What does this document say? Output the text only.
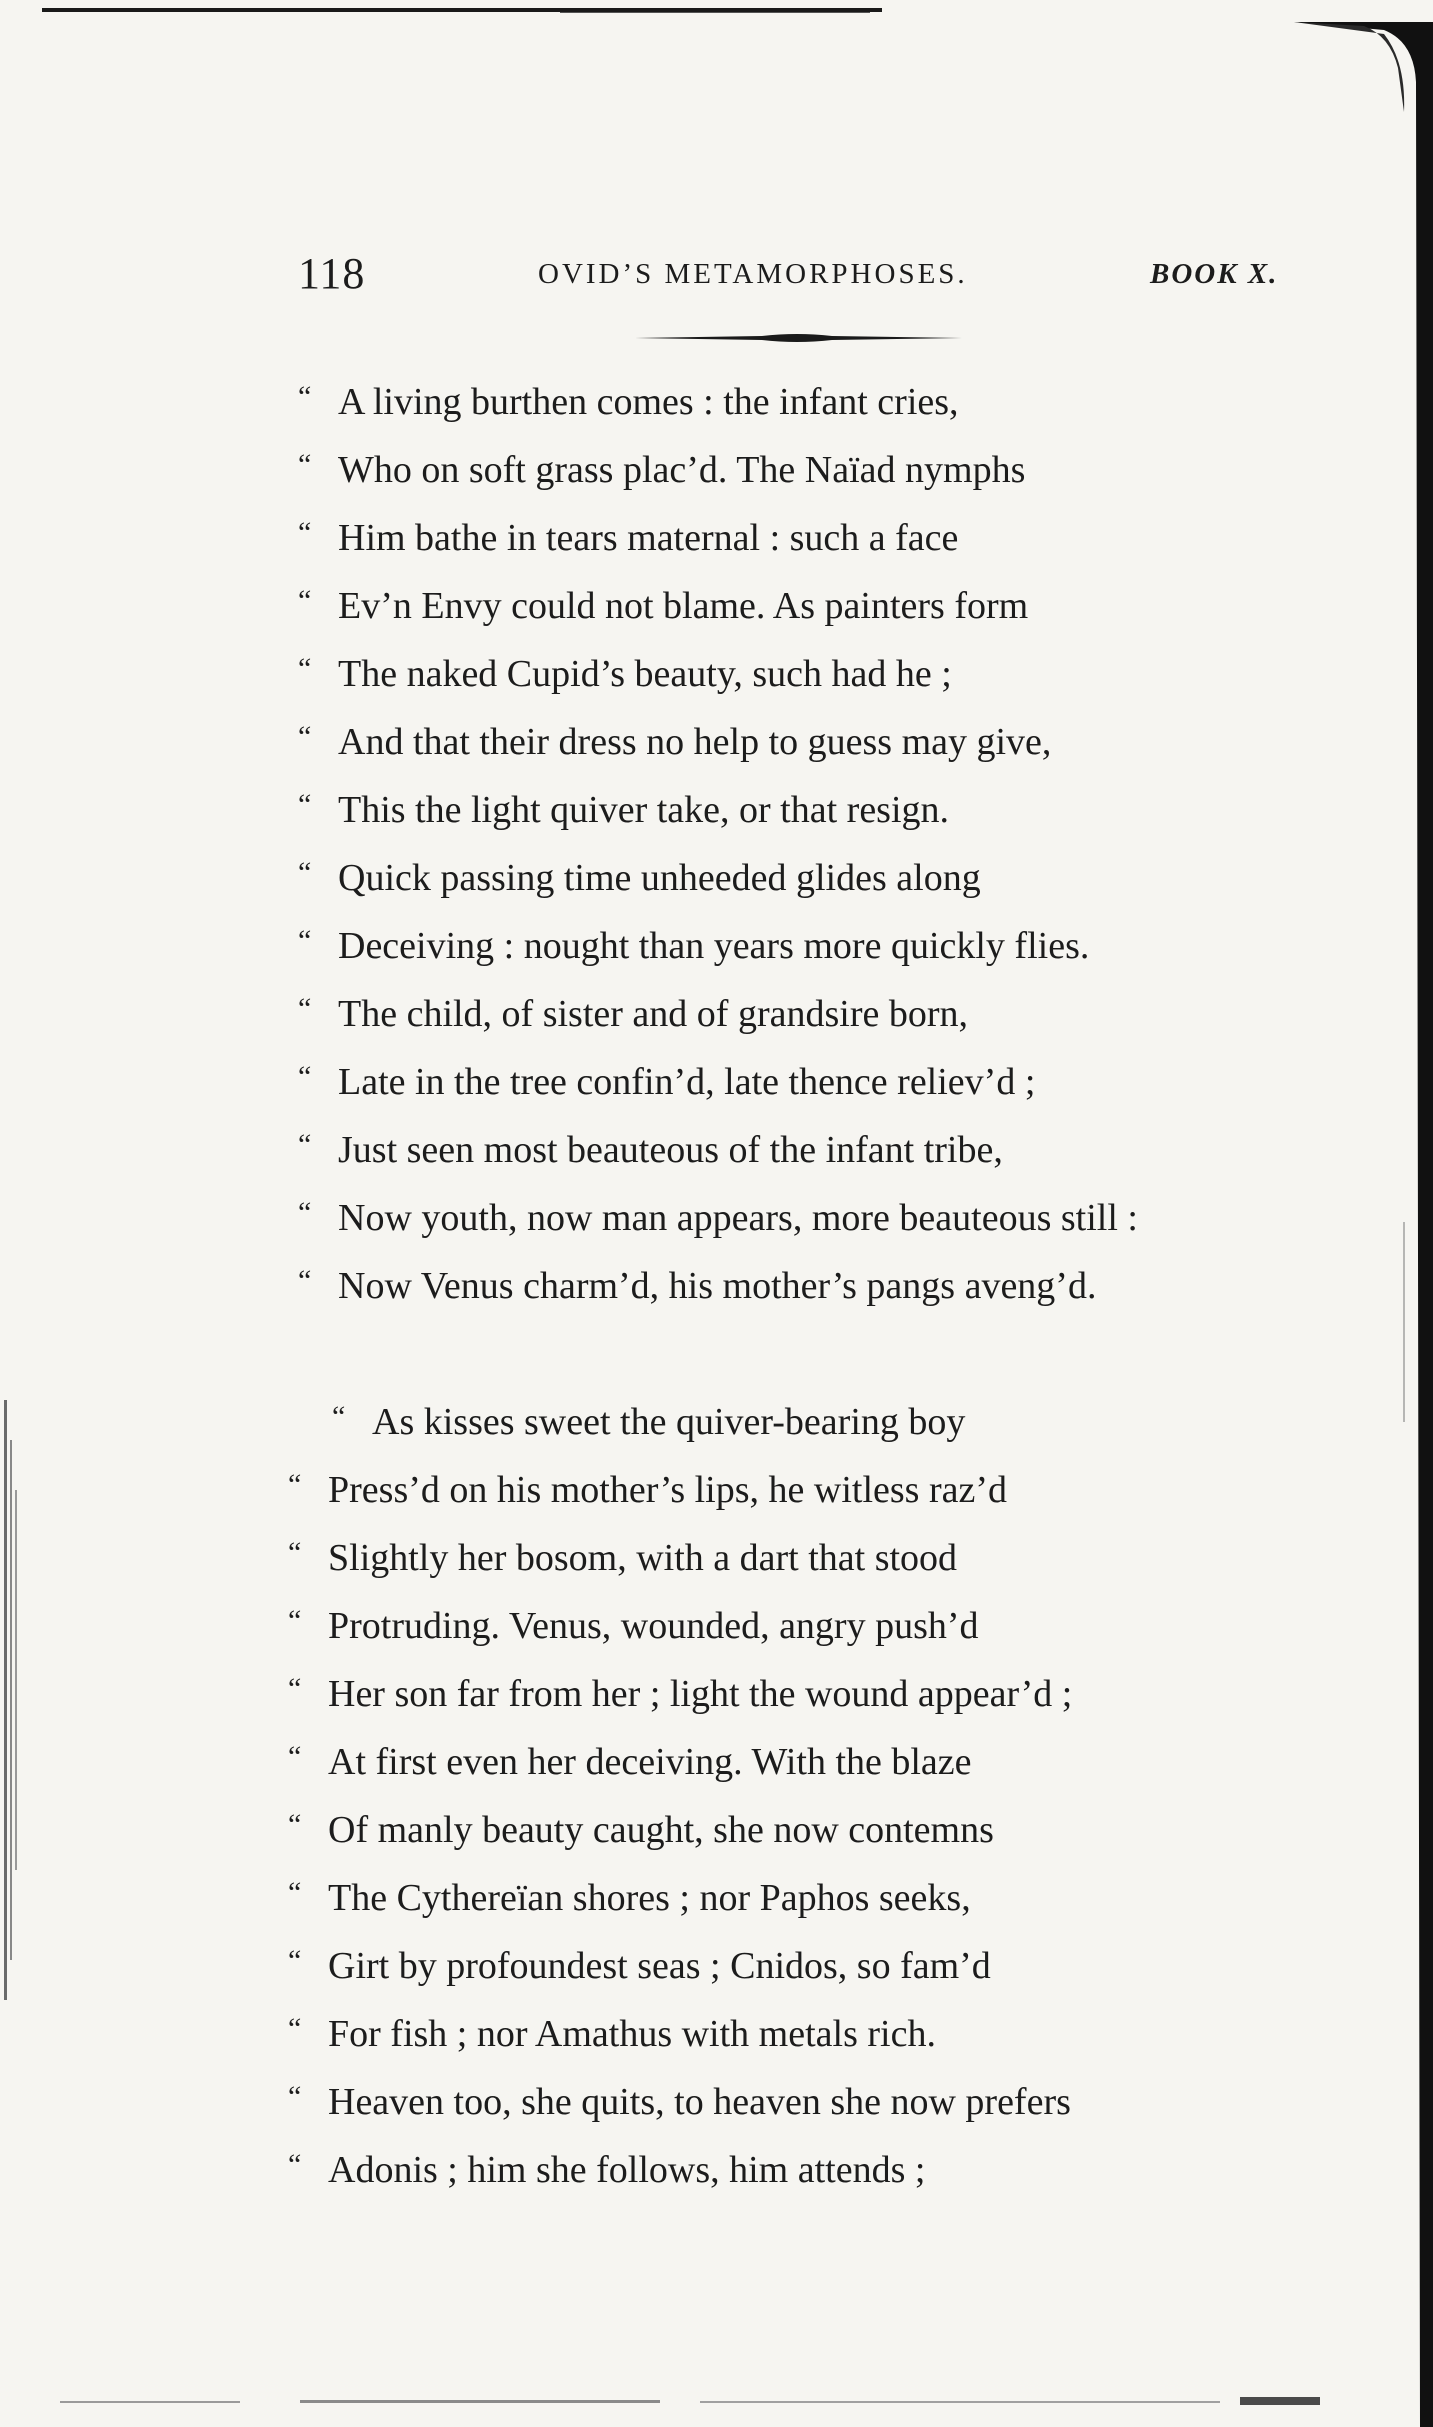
118	OVID’S METAMORPHOSES.	BOOK X.
“ A living burthen comes : the infant cries,
“ Who on soft grass plac’d. The Naïad nymphs
“ Him bathe in tears maternal : such a face
“ Ev’n Envy could not blame. As painters form
“ The naked Cupid’s beauty, such had he ;
“ And that their dress no help to guess may give,
“ This the light quiver take, or that resign.
“ Quick passing time unheeded glides along
“ Deceiving : nought than years more quickly flies.
“ The child, of sister and of grandsire born,
“ Late in the tree confin’d, late thence reliev’d ;
“ Just seen most beauteous of the infant tribe,
“ Now youth, now man appears, more beauteous still :
“ Now Venus charm’d, his mother’s pangs aveng’d.
“ As kisses sweet the quiver-bearing boy
“ Press’d on his mother’s lips, he witless raz’d
“ Slightly her bosom, with a dart that stood
“ Protruding. Venus, wounded, angry push’d
“ Her son far from her ; light the wound appear’d ;
“ At first even her deceiving. With the blaze
“ Of manly beauty caught, she now contemns
“ The Cythereïan shores ; nor Paphos seeks,
“ Girt by profoundest seas ; Cnidos, so fam’d
“ For fish ; nor Amathus with metals rich.
“ Heaven too, she quits, to heaven she now prefers
“ Adonis ; him she follows, him attends ;
